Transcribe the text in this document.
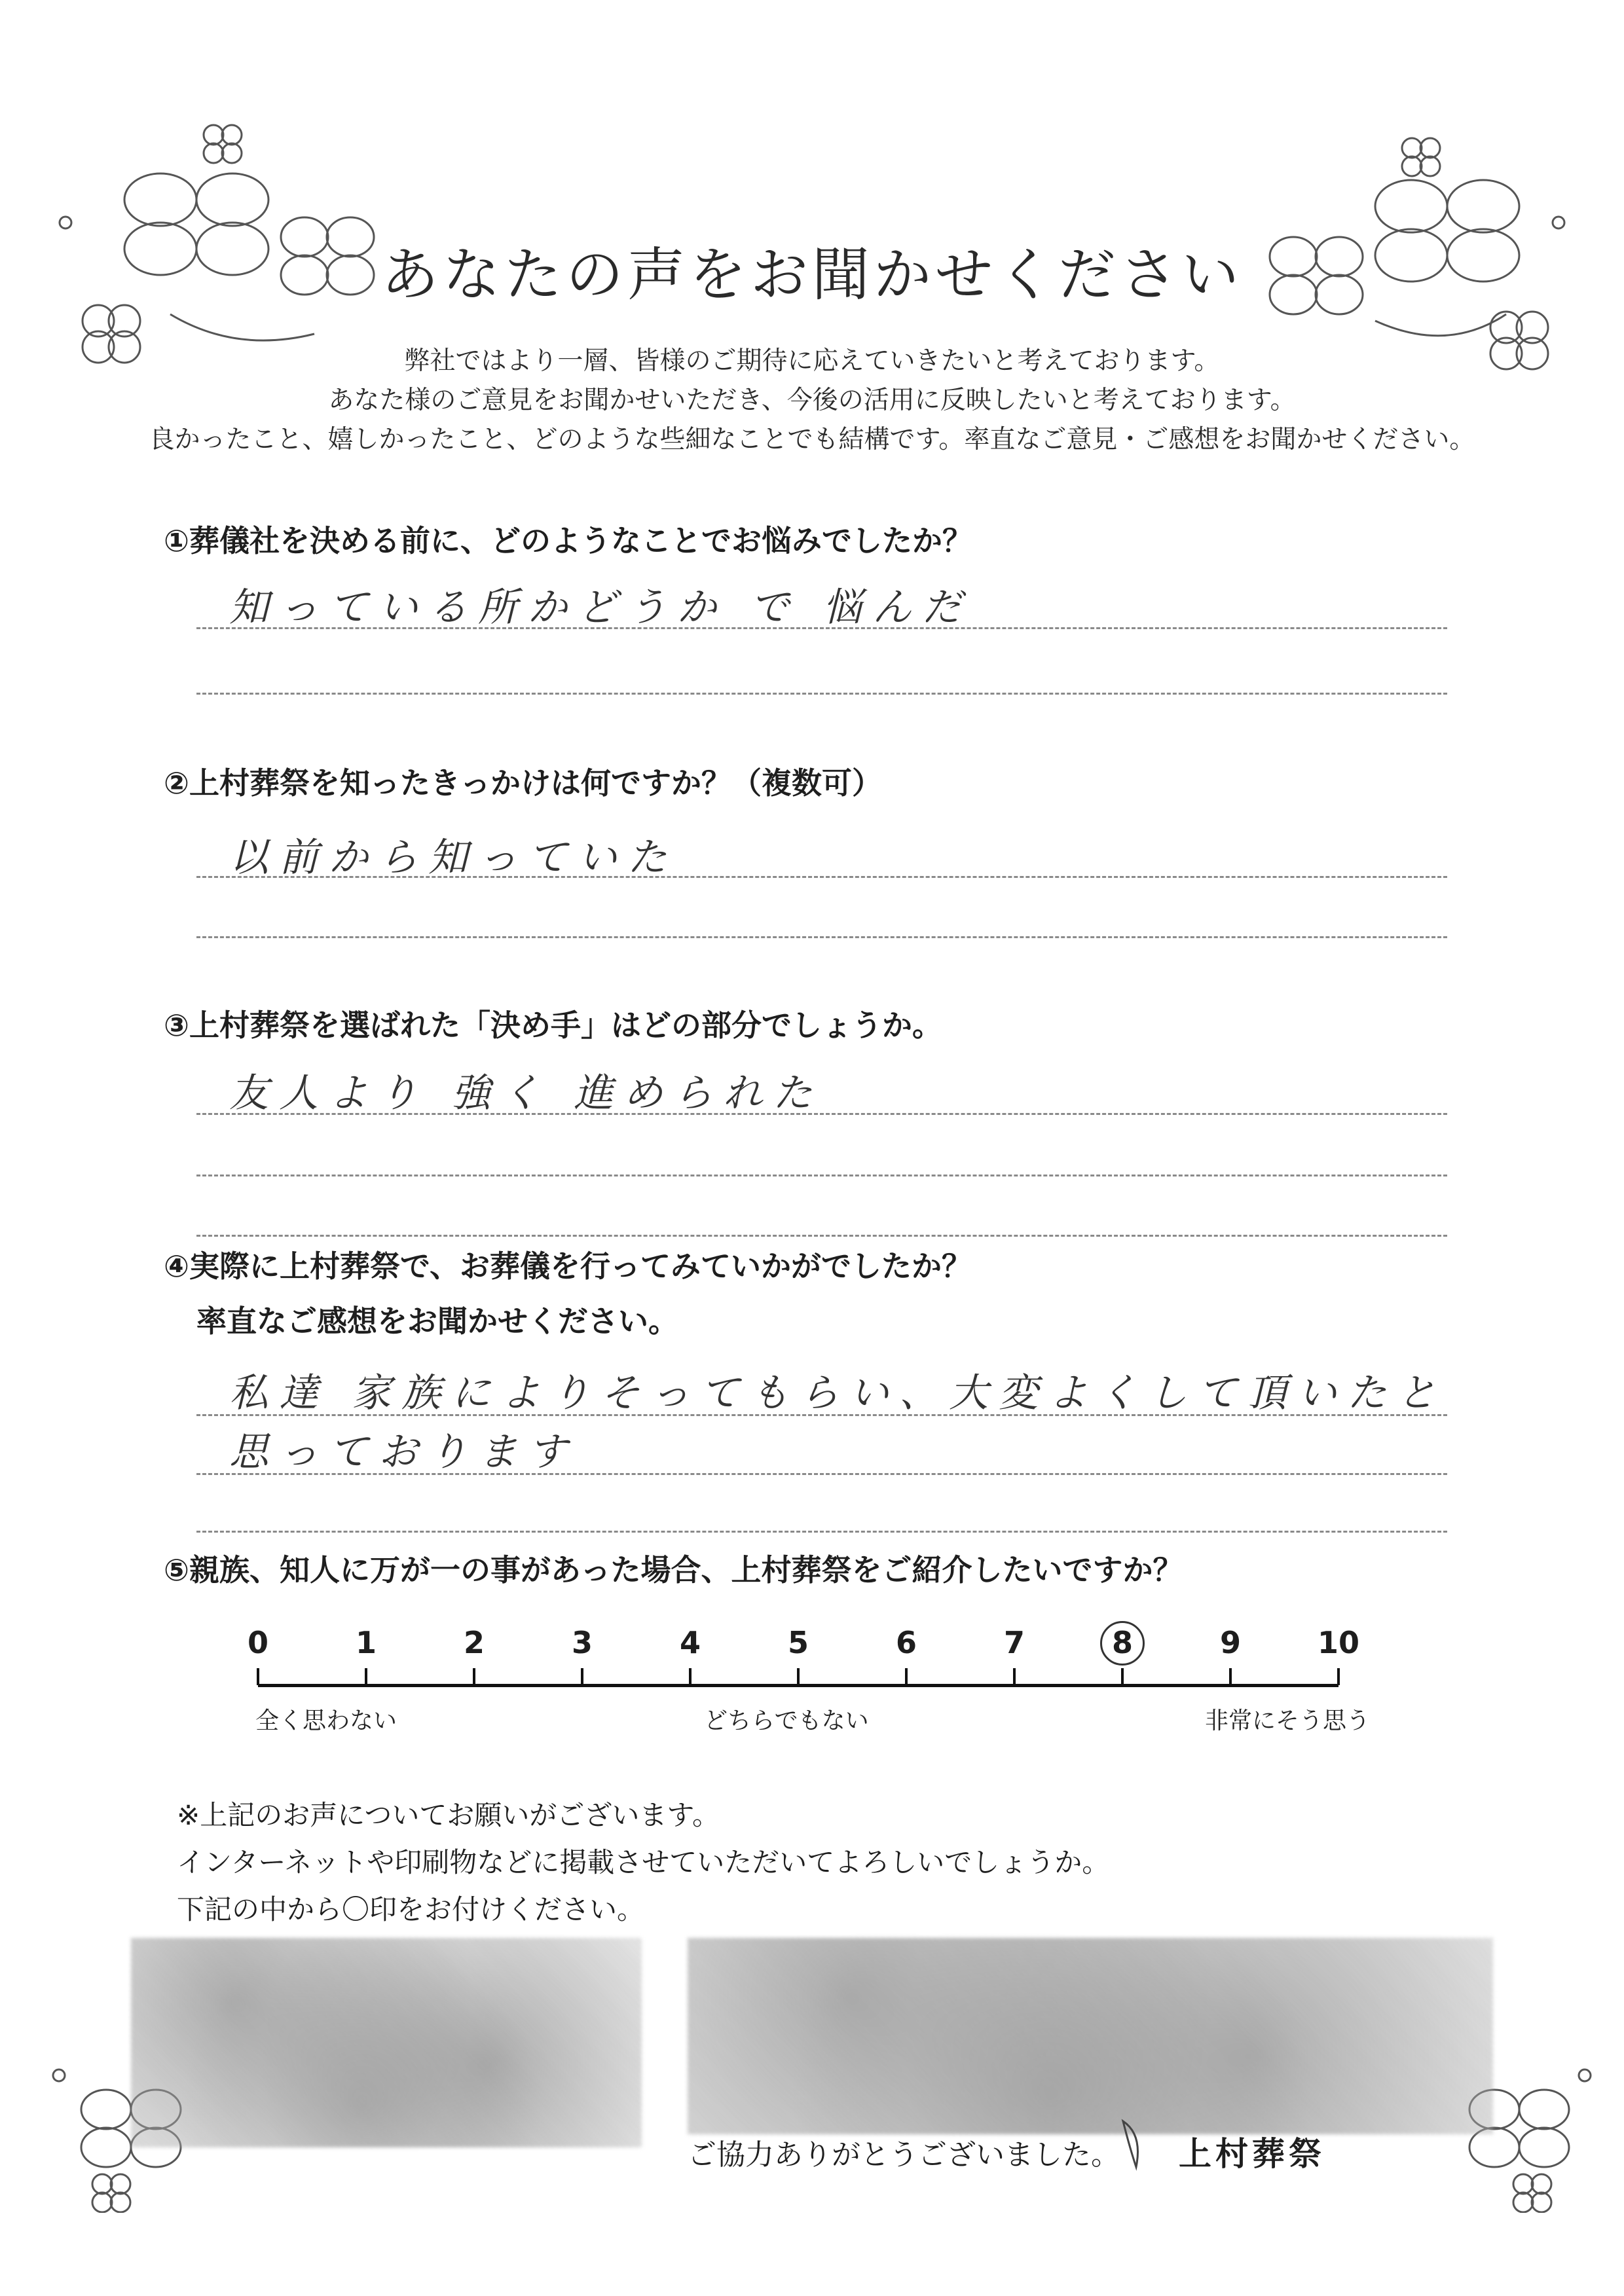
あなたの声をお聞かせください
弊社ではより一層、皆様のご期待に応えていきたいと考えております。
あなた様のご意見をお聞かせいただき、今後の活用に反映したいと考えております。
良かったこと、嬉しかったこと、どのような些細なことでも結構です。率直なご意見・ご感想をお聞かせください。
①葬儀社を決める前に、どのようなことでお悩みでしたか？
知っている所かどうか で 悩んだ
②上村葬祭を知ったきっかけは何ですか？（複数可）
以前から知っていた
③上村葬祭を選ばれた「決め手」はどの部分でしょうか。
友人より 強く 進められた
④実際に上村葬祭で、お葬儀を行ってみていかがでしたか？
率直なご感想をお聞かせください。
私達 家族によりそってもらい、大変よくして頂いたと
思っております
⑤親族、知人に万が一の事があった場合、上村葬祭をご紹介したいですか？
0	1	2	3	4	5	6	7	8	9	10
全く思わない	どちらでもない	非常にそう思う
※上記のお声についてお願いがございます。
インターネットや印刷物などに掲載させていただいてよろしいでしょうか。
下記の中から〇印をお付けください。
ご協力ありがとうございました。 上村葬祭
